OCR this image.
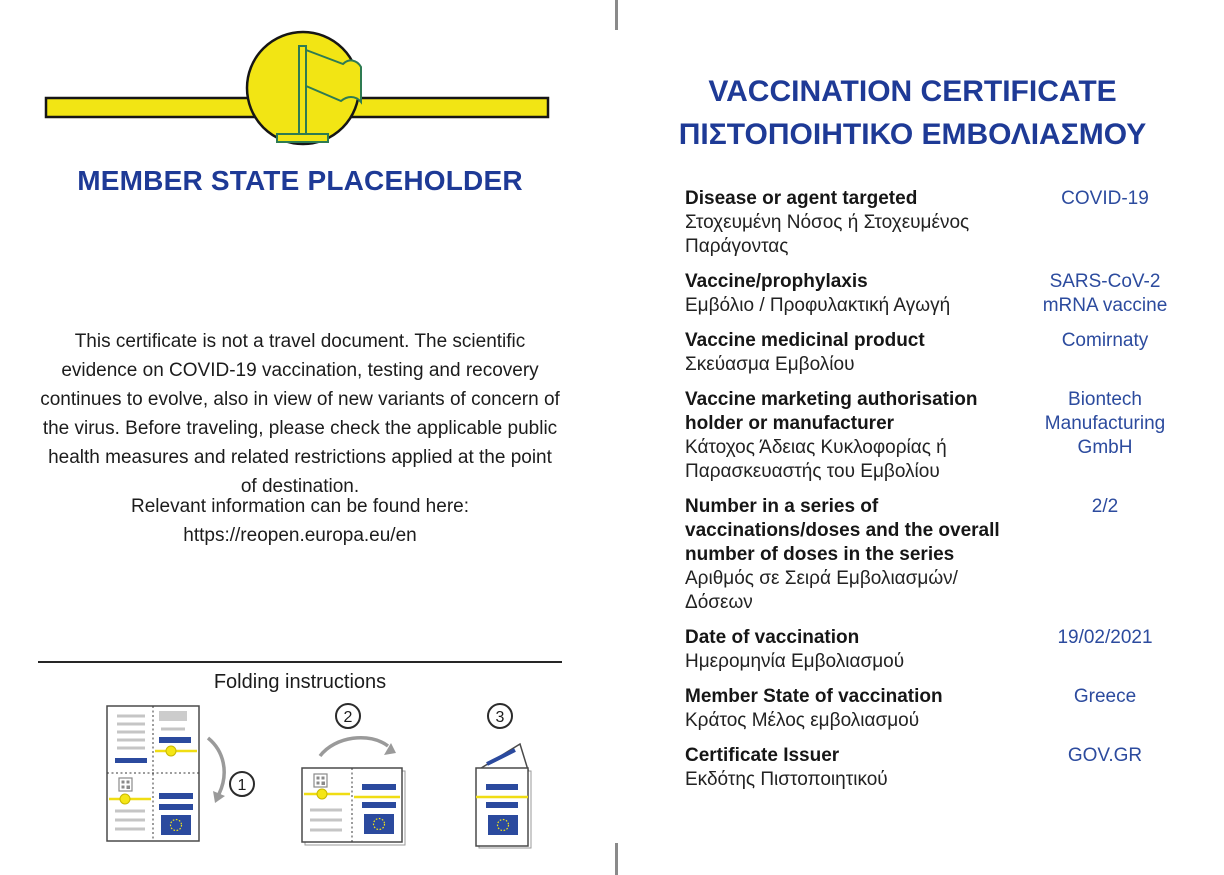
MEMBER STATE PLACEHOLDER

This certificate is not a travel document. The scientific evidence on COVID-19 vaccination, testing and recovery continues to evolve, also in view of new variants of concern of the virus. Before traveling, please check the applicable public health measures and related restrictions applied at the point of destination.

Relevant information can be found here:
https://reopen.europa.eu/en
Folding instructions
1
2	3
VACCINATION CERTIFICATE
ΠΙΣΤΟΠΟΙΗΤΙΚΟ ΕΜΒΟΛΙΑΣΜΟΥ
Disease or agent targeted
Στοχευμένη Νόσος ή Στοχευμένος Παράγοντας
COVID-19
Vaccine/prophylaxis
Εμβόλιο / Προφυλακτική Αγωγή
SARS-CoV-2 mRNA vaccine
Vaccine medicinal product
Σκεύασμα Εμβολίου
Comirnaty
Vaccine marketing authorisation holder or manufacturer
Κάτοχος Άδειας Κυκλοφορίας ή Παρασκευαστής του Εμβολίου
Biontech Manufacturing GmbH
Number in a series of vaccinations/doses and the overall number of doses in the series
Αριθμός σε Σειρά Εμβολιασμών/Δόσεων
2/2
Date of vaccination
Ημερομηνία Εμβολιασμού
19/02/2021
Member State of vaccination
Κράτος Μέλος εμβολιασμού
Greece
Certificate Issuer
Εκδότης Πιστοποιητικού
GOV.GR
